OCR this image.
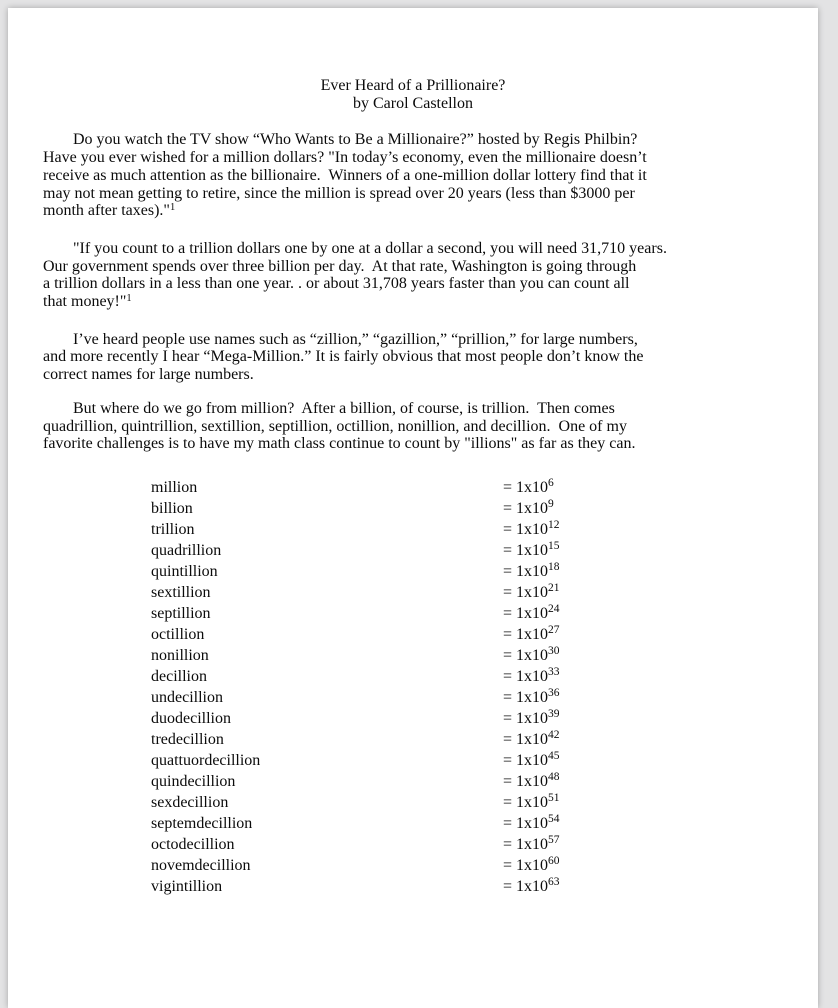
Ever Heard of a Prillionaire?
by Carol Castellon
Do you watch the TV show “Who Wants to Be a Millionaire?” hosted by Regis Philbin?
Have you ever wished for a million dollars? "In today’s economy, even the millionaire doesn’t
receive as much attention as the billionaire.  Winners of a one-million dollar lottery find that it
may not mean getting to retire, since the million is spread over 20 years (less than $3000 per
month after taxes)."$^1$
"If you count to a trillion dollars one by one at a dollar a second, you will need 31,710 years.
Our government spends over three billion per day.  At that rate, Washington is going through
a trillion dollars in a less than one year. . or about 31,708 years faster than you can count all
that money!"$^1$
I’ve heard people use names such as “zillion,” “gazillion,” “prillion,” for large numbers,
and more recently I hear “Mega-Million.” It is fairly obvious that most people don’t know the
correct names for large numbers.
But where do we go from million?  After a billion, of course, is trillion.  Then comes
quadrillion, quintrillion, sextillion, septillion, octillion, nonillion, and decillion.  One of my
favorite challenges is to have my math class continue to count by "illions" as far as they can.
million	= $1x10^6$
billion	= $1x10^9$
trillion	= $1x10^{12}$
quadrillion	= $1x10^{15}$
quintillion	= $1x10^{18}$
sextillion	= $1x10^{21}$
septillion	= $1x10^{24}$
octillion	= $1x10^{27}$
nonillion	= $1x10^{30}$
decillion	= $1x10^{33}$
undecillion	= $1x10^{36}$
duodecillion	= $1x10^{39}$
tredecillion	= $1x10^{42}$
quattuordecillion	= $1x10^{45}$
quindecillion	= $1x10^{48}$
sexdecillion	= $1x10^{51}$
septemdecillion	= $1x10^{54}$
octodecillion	= $1x10^{57}$
novemdecillion	= $1x10^{60}$
vigintillion	= $1x10^{63}$
